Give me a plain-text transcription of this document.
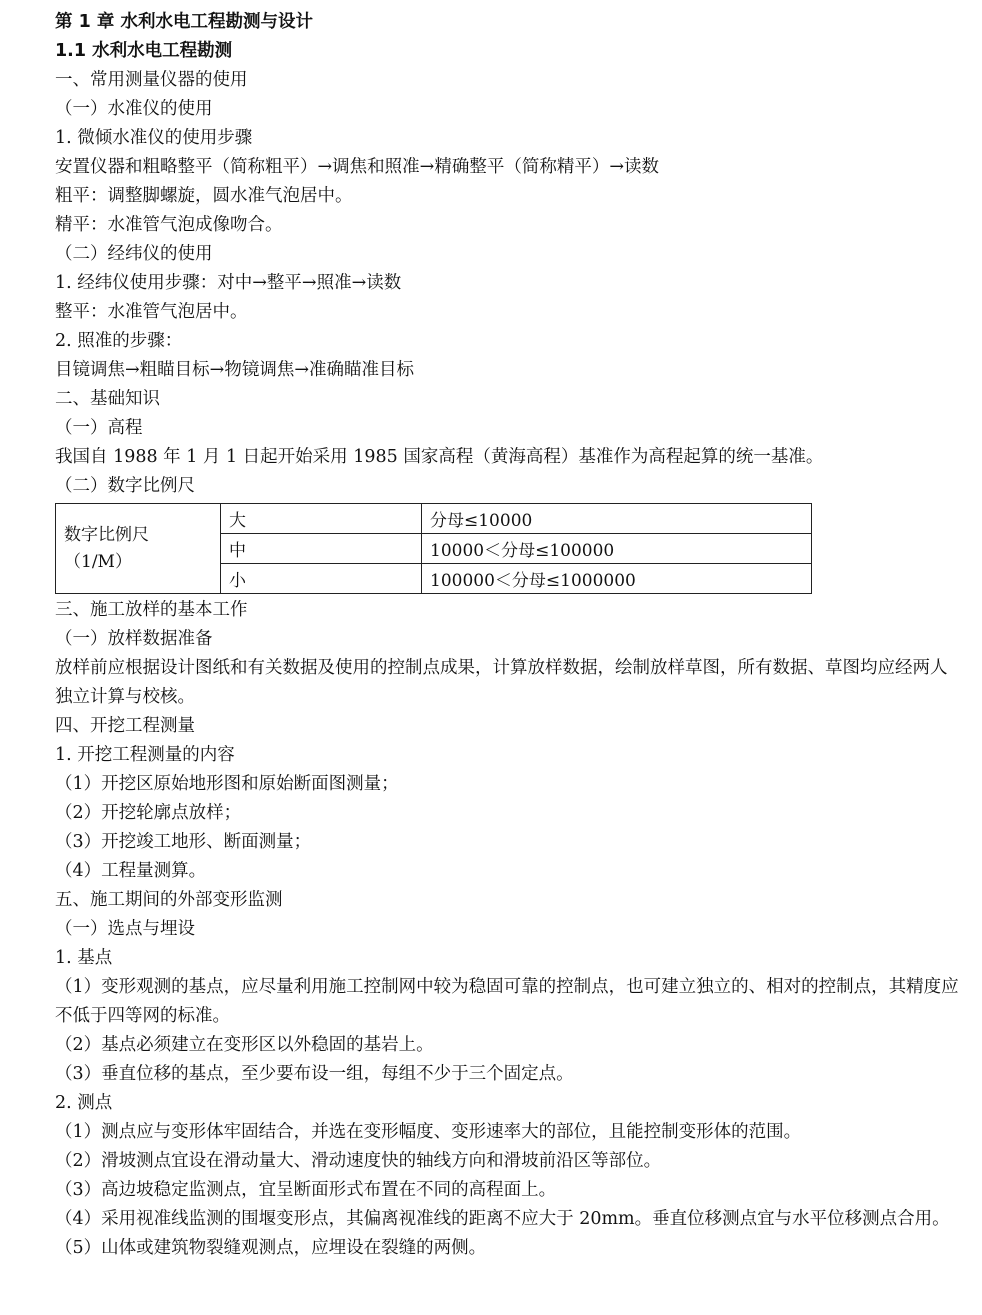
第 1 章 水利水电工程勘测与设计
1.1 水利水电工程勘测
一、常用测量仪器的使用
（一）水准仪的使用
1. 微倾水准仪的使用步骤
安置仪器和粗略整平（简称粗平）→调焦和照准→精确整平（简称精平）→读数
粗平：调整脚螺旋，圆水准气泡居中。
精平：水准管气泡成像吻合。
（二）经纬仪的使用
1. 经纬仪使用步骤：对中→整平→照准→读数
整平：水准管气泡居中。
2. 照准的步骤：
目镜调焦→粗瞄目标→物镜调焦→准确瞄准目标
二、基础知识
（一）高程
我国自 1988 年 1 月 1 日起开始采用 1985 国家高程（黄海高程）基准作为高程起算的统一基准。
（二）数字比例尺
数字比例尺
（1/M）	大	分母≤10000
	中	10000＜分母≤100000
	小	100000＜分母≤1000000
三、施工放样的基本工作
（一）放样数据准备
放样前应根据设计图纸和有关数据及使用的控制点成果，计算放样数据，绘制放样草图，所有数据、草图均应经两人独立计算与校核。
四、开挖工程测量
1. 开挖工程测量的内容
（1）开挖区原始地形图和原始断面图测量；
（2）开挖轮廓点放样；
（3）开挖竣工地形、断面测量；
（4）工程量测算。
五、施工期间的外部变形监测
（一）选点与埋设
1. 基点
（1）变形观测的基点，应尽量利用施工控制网中较为稳固可靠的控制点，也可建立独立的、相对的控制点，其精度应不低于四等网的标准。
（2）基点必须建立在变形区以外稳固的基岩上。
（3）垂直位移的基点，至少要布设一组，每组不少于三个固定点。
2. 测点
（1）测点应与变形体牢固结合，并选在变形幅度、变形速率大的部位，且能控制变形体的范围。
（2）滑坡测点宜设在滑动量大、滑动速度快的轴线方向和滑坡前沿区等部位。
（3）高边坡稳定监测点，宜呈断面形式布置在不同的高程面上。
（4）采用视准线监测的围堰变形点，其偏离视准线的距离不应大于 20mm。垂直位移测点宜与水平位移测点合用。
（5）山体或建筑物裂缝观测点，应埋设在裂缝的两侧。
